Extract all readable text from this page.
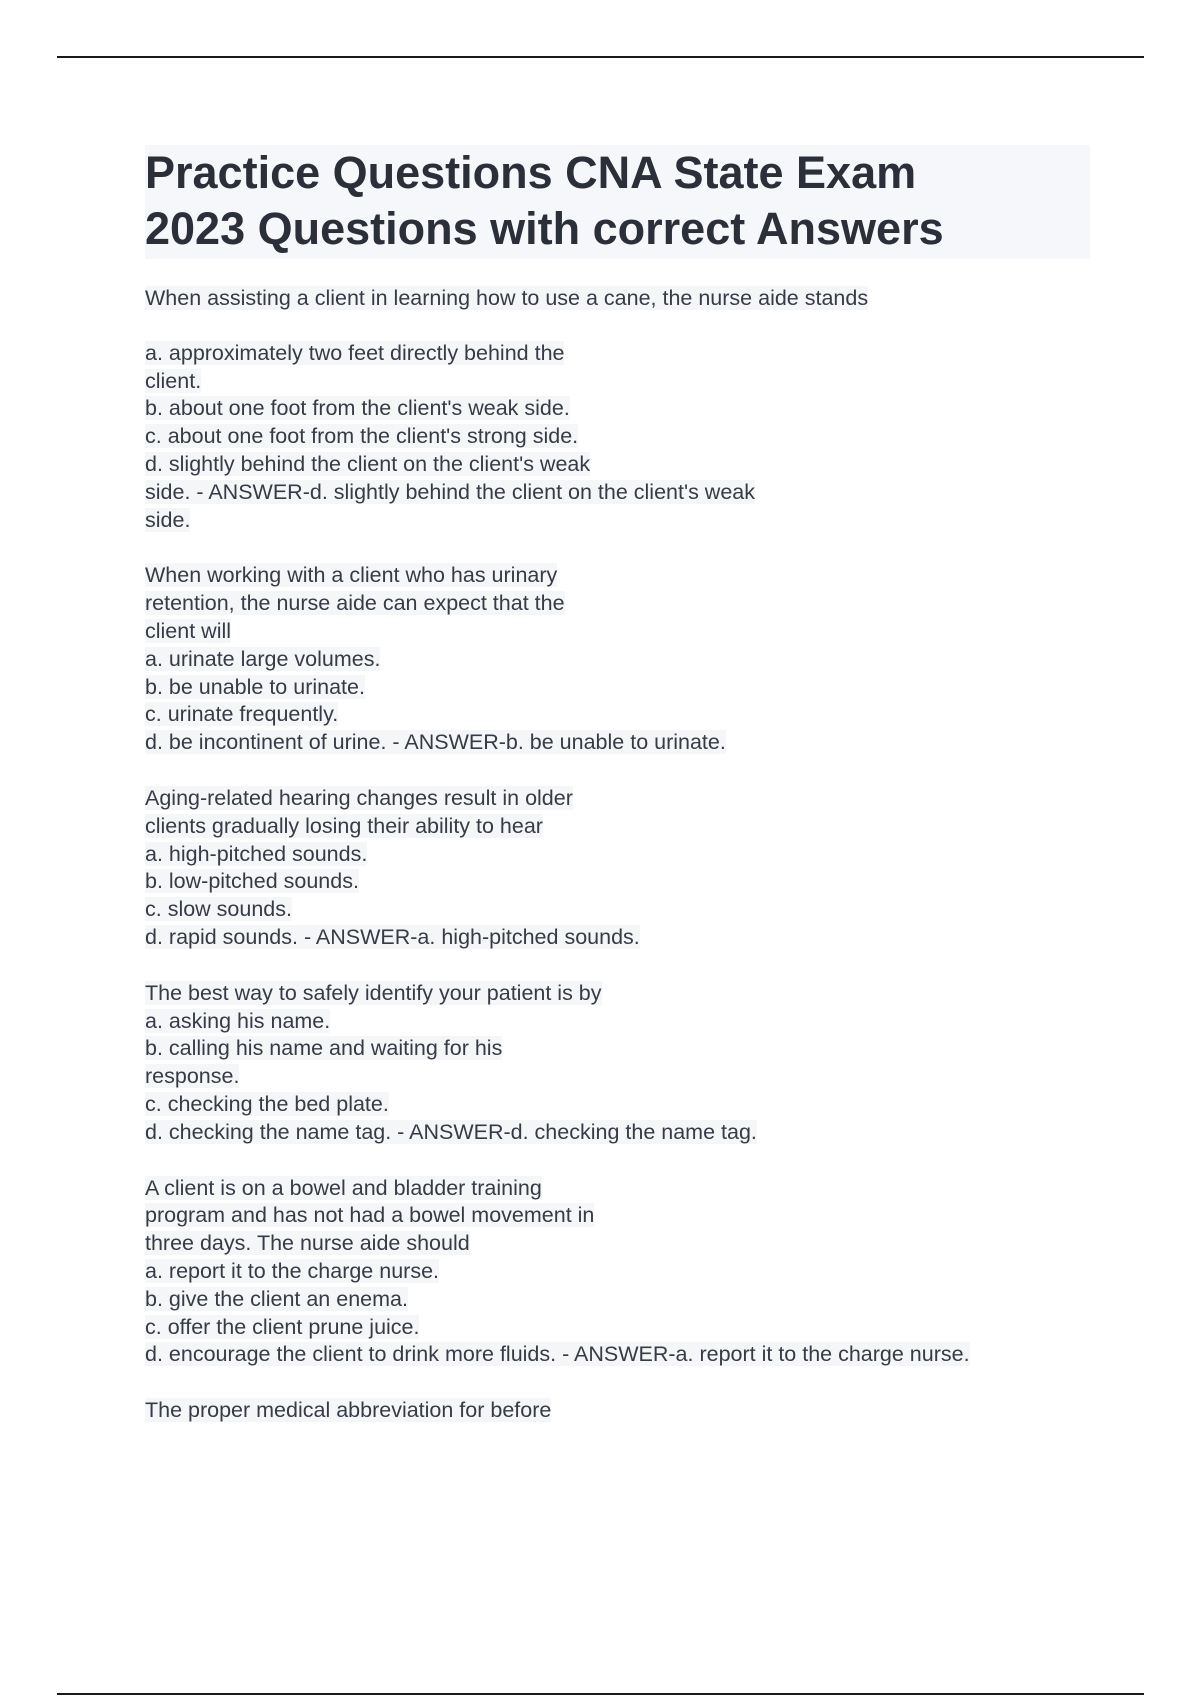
Practice Questions CNA State Exam
2023 Questions with correct Answers
When assisting a client in learning how to use a cane, the nurse aide stands
a. approximately two feet directly behind the
client.
b. about one foot from the client's weak side.
c. about one foot from the client's strong side.
d. slightly behind the client on the client's weak
side. - ANSWER-d. slightly behind the client on the client's weak
side.
When working with a client who has urinary
retention, the nurse aide can expect that the
client will
a. urinate large volumes.
b. be unable to urinate.
c. urinate frequently.
d. be incontinent of urine. - ANSWER-b. be unable to urinate.
Aging-related hearing changes result in older
clients gradually losing their ability to hear
a. high-pitched sounds.
b. low-pitched sounds.
c. slow sounds.
d. rapid sounds. - ANSWER-a. high-pitched sounds.
The best way to safely identify your patient is by
a. asking his name.
b. calling his name and waiting for his
response.
c. checking the bed plate.
d. checking the name tag. - ANSWER-d. checking the name tag.
A client is on a bowel and bladder training
program and has not had a bowel movement in
three days. The nurse aide should
a. report it to the charge nurse.
b. give the client an enema.
c. offer the client prune juice.
d. encourage the client to drink more fluids. - ANSWER-a. report it to the charge nurse.
The proper medical abbreviation for before
